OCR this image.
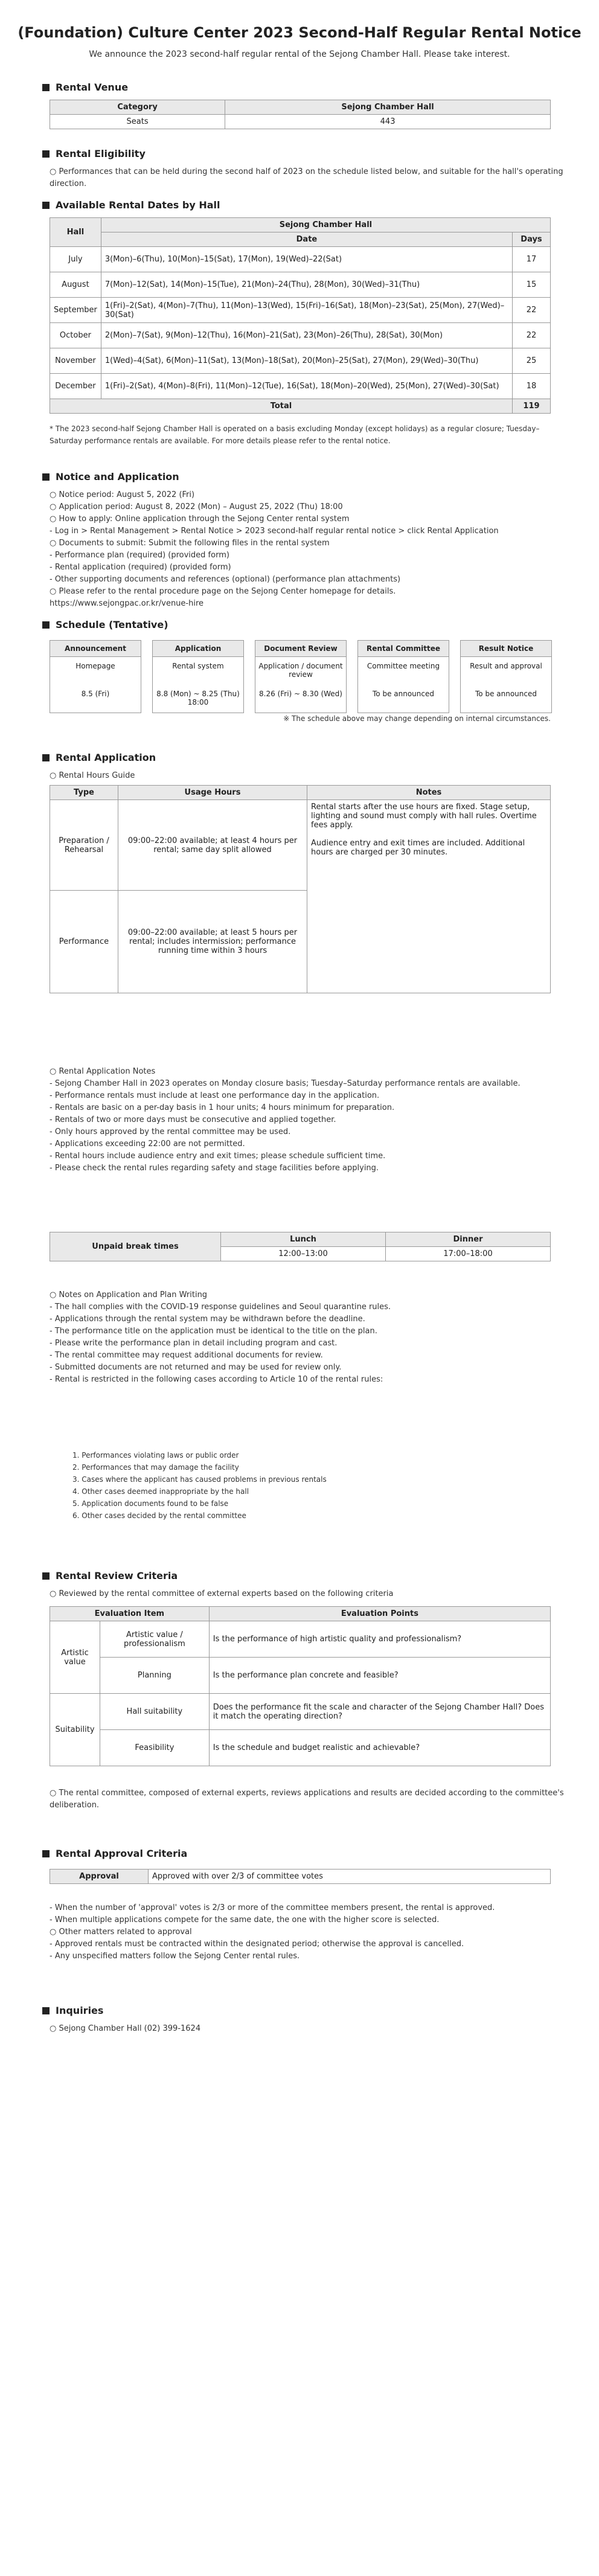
(Foundation) Culture Center 2023 Second-Half Regular Rental Notice
We announce the 2023 second-half regular rental of the Sejong Chamber Hall. Please take interest.
Rental Venue
Category	Sejong Chamber Hall
Seats	443
Rental Eligibility
○ Performances that can be held during the second half of 2023 on the schedule listed below, and suitable for the hall's operating direction.
Available Rental Dates by Hall
Hall	Sejong Chamber Hall	
	Date	Days
July	3(Mon)–6(Thu), 10(Mon)–15(Sat), 17(Mon), 19(Wed)–22(Sat)	17
August	7(Mon)–12(Sat), 14(Mon)–15(Tue), 21(Mon)–24(Thu), 28(Mon), 30(Wed)–31(Thu)	15
September	1(Fri)–2(Sat), 4(Mon)–7(Thu), 11(Mon)–13(Wed), 15(Fri)–16(Sat), 18(Mon)–23(Sat), 25(Mon), 27(Wed)–30(Sat)	22
October	2(Mon)–7(Sat), 9(Mon)–12(Thu), 16(Mon)–21(Sat), 23(Mon)–26(Thu), 28(Sat), 30(Mon)	22
November	1(Wed)–4(Sat), 6(Mon)–11(Sat), 13(Mon)–18(Sat), 20(Mon)–25(Sat), 27(Mon), 29(Wed)–30(Thu)	25
December	1(Fri)–2(Sat), 4(Mon)–8(Fri), 11(Mon)–12(Tue), 16(Sat), 18(Mon)–20(Wed), 25(Mon), 27(Wed)–30(Sat)	18
Total		119
* The 2023 second-half Sejong Chamber Hall is operated on a basis excluding Monday (except holidays) as a regular closure; Tuesday–Saturday performance rentals are available. For more details please refer to the rental notice.
Notice and Application
○ Notice period: August 5, 2022 (Fri)
○ Application period: August 8, 2022 (Mon) – August 25, 2022 (Thu) 18:00
○ How to apply: Online application through the Sejong Center rental system
- Log in > Rental Management > Rental Notice > 2023 second-half regular rental notice > click Rental Application
○ Documents to submit: Submit the following files in the rental system
- Performance plan (required) (provided form)
- Rental application (required) (provided form)
- Other supporting documents and references (optional) (performance plan attachments)
○ Please refer to the rental procedure page on the Sejong Center homepage for details.
https://www.sejongpac.or.kr/venue-hire
Schedule (Tentative)
Announcement
Homepage
8.5 (Fri)
Application
Rental system
8.8 (Mon) ~ 8.25 (Thu) 18:00
Document Review
Application / document review
8.26 (Fri) ~ 8.30 (Wed)
Rental Committee
Committee meeting
To be announced
Result Notice
Result and approval
To be announced
※ The schedule above may change depending on internal circumstances.
Rental Application
○ Rental Hours Guide
Type	Usage Hours	Notes
Preparation / Rehearsal	09:00–22:00 available; at least 4 hours per rental; same day split allowed	Rental starts after the use hours are fixed. Stage setup, lighting and sound must comply with hall rules. Overtime fees apply.

Audience entry and exit times are included. Additional hours are charged per 30 minutes.

Performance	09:00–22:00 available; at least 5 hours per rental; includes intermission; performance running time within 3 hours	
○ Rental Application Notes
- Sejong Chamber Hall in 2023 operates on Monday closure basis; Tuesday–Saturday performance rentals are available.
- Performance rentals must include at least one performance day in the application.
- Rentals are basic on a per-day basis in 1 hour units; 4 hours minimum for preparation.
- Rentals of two or more days must be consecutive and applied together.
- Only hours approved by the rental committee may be used.
- Applications exceeding 22:00 are not permitted.
- Rental hours include audience entry and exit times; please schedule sufficient time.
- Please check the rental rules regarding safety and stage facilities before applying.
Unpaid break times	Lunch	Dinner
	12:00–13:00	17:00–18:00
○ Notes on Application and Plan Writing
- The hall complies with the COVID-19 response guidelines and Seoul quarantine rules.
- Applications through the rental system may be withdrawn before the deadline.
- The performance title on the application must be identical to the title on the plan.
- Please write the performance plan in detail including program and cast.
- The rental committee may request additional documents for review.
- Submitted documents are not returned and may be used for review only.
- Rental is restricted in the following cases according to Article 10 of the rental rules:
1. Performances violating laws or public order
2. Performances that may damage the facility
3. Cases where the applicant has caused problems in previous rentals
4. Other cases deemed inappropriate by the hall
5. Application documents found to be false
6. Other cases decided by the rental committee
Rental Review Criteria
○ Reviewed by the rental committee of external experts based on the following criteria
Evaluation Item		Evaluation Points
Artistic value	Artistic value / professionalism	Is the performance of high artistic quality and professionalism?
	Planning	Is the performance plan concrete and feasible?
Suitability	Hall suitability	Does the performance fit the scale and character of the Sejong Chamber Hall? Does it match the operating direction?
	Feasibility	Is the schedule and budget realistic and achievable?
○ The rental committee, composed of external experts, reviews applications and results are decided according to the committee's deliberation.
Rental Approval Criteria
Approval	Approved with over 2/3 of committee votes
- When the number of 'approval' votes is 2/3 or more of the committee members present, the rental is approved.
- When multiple applications compete for the same date, the one with the higher score is selected.
○ Other matters related to approval
- Approved rentals must be contracted within the designated period; otherwise the approval is cancelled.
- Any unspecified matters follow the Sejong Center rental rules.
Inquiries
○ Sejong Chamber Hall (02) 399-1624
